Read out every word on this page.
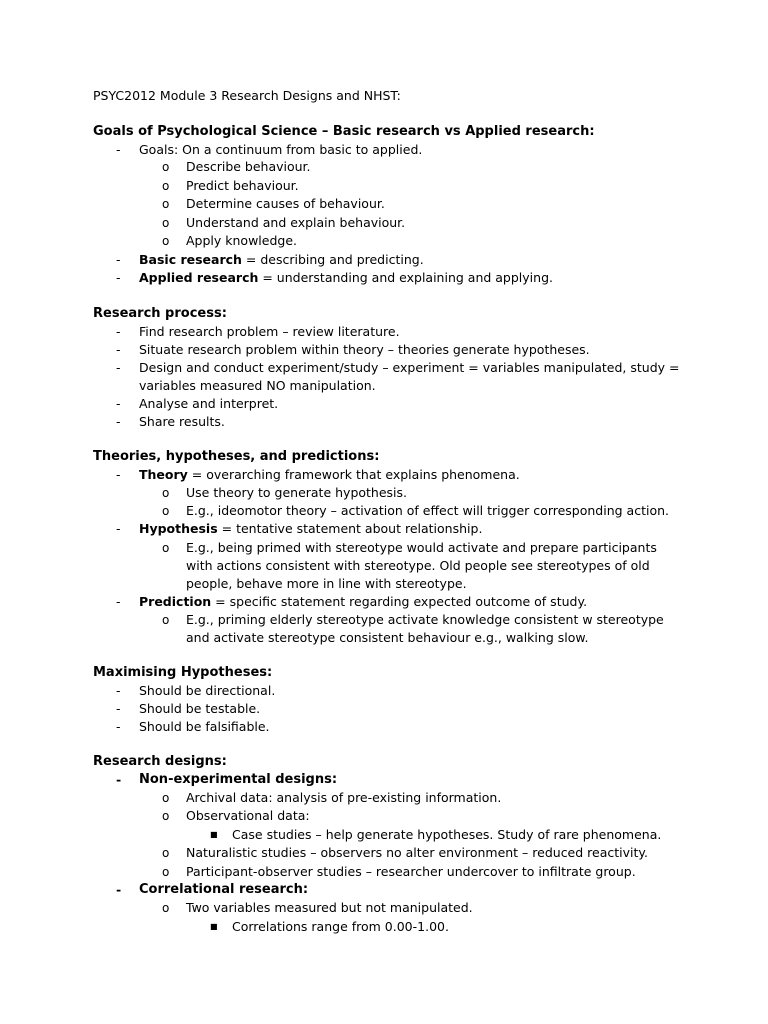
PSYC2012 Module 3 Research Designs and NHST:
Goals of Psychological Science – Basic research vs Applied research:
- Goals: On a continuum from basic to applied.
o Describe behaviour.
o Predict behaviour.
o Determine causes of behaviour.
o Understand and explain behaviour.
o Apply knowledge.
- Basic research = describing and predicting.
- Applied research = understanding and explaining and applying.
Research process:
- Find research problem – review literature.
- Situate research problem within theory – theories generate hypotheses.
- Design and conduct experiment/study – experiment = variables manipulated, study =
variables measured NO manipulation.
- Analyse and interpret.
- Share results.
Theories, hypotheses, and predictions:
- Theory = overarching framework that explains phenomena.
o Use theory to generate hypothesis.
o E.g., ideomotor theory – activation of effect will trigger corresponding action.
- Hypothesis = tentative statement about relationship.
o E.g., being primed with stereotype would activate and prepare participants
with actions consistent with stereotype. Old people see stereotypes of old
people, behave more in line with stereotype.
- Prediction = specific statement regarding expected outcome of study.
o E.g., priming elderly stereotype activate knowledge consistent w stereotype
and activate stereotype consistent behaviour e.g., walking slow.
Maximising Hypotheses:
- Should be directional.
- Should be testable.
- Should be falsifiable.
Research designs:
- Non-experimental designs:
o Archival data: analysis of pre-existing information.
o Observational data:
■ Case studies – help generate hypotheses. Study of rare phenomena.
o Naturalistic studies – observers no alter environment – reduced reactivity.
o Participant-observer studies – researcher undercover to infiltrate group.
- Correlational research:
o Two variables measured but not manipulated.
■ Correlations range from 0.00-1.00.
